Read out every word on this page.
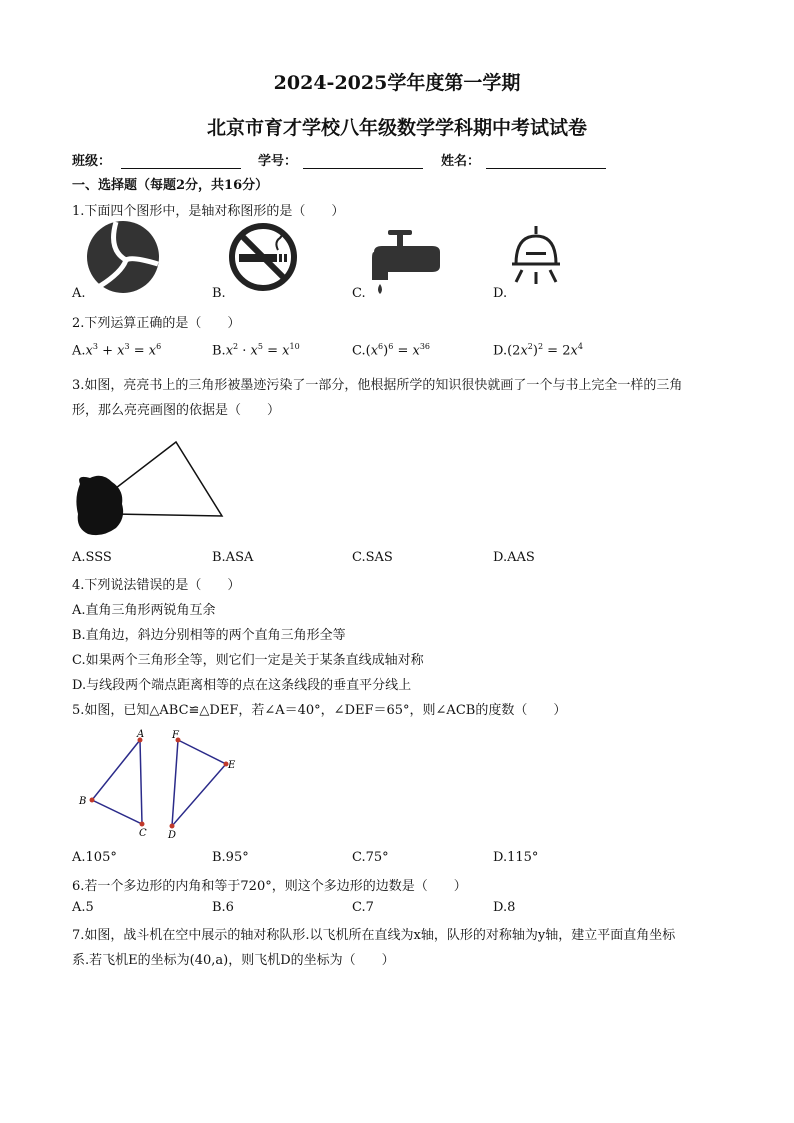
2024-2025学年度第一学期
北京市育才学校八年级数学学科期中考试试卷
班级：	学号：	姓名：
一、选择题（每题2分，共16分）
1.下面四个图形中，是轴对称图形的是（　　）
A.	B.	C.	D.
2.下列运算正确的是（　　）
$A.x^3 + x^3 = x^6$	$B.x^2 \cdot x^5 = x^{10}$	$C.(x^6)^6 = x^{36}$	$D.(2x^2)^2 = 2x^4$
3.如图，亮亮书上的三角形被墨迹污染了一部分，他根据所学的知识很快就画了一个与书上完全一样的三角
形，那么亮亮画图的依据是（　　）
A.SSS	B.ASA	C.SAS	D.AAS
4.下列说法错误的是（　　）
A.直角三角形两锐角互余
B.直角边，斜边分别相等的两个直角三角形全等
C.如果两个三角形全等，则它们一定是关于某条直线成轴对称
D.与线段两个端点距离相等的点在这条线段的垂直平分线上
5.如图，已知△ABC≌△DEF，若∠A＝40°，∠DEF＝65°，则∠ACB的度数（　　）
A
B
C
F
E
D
A.105°	B.95°	C.75°	D.115°
6.若一个多边形的内角和等于720°，则这个多边形的边数是（　　）
A.5	B.6	C.7	D.8
7.如图，战斗机在空中展示的轴对称队形.以飞机所在直线为x轴，队形的对称轴为y轴，建立平面直角坐标
系.若飞机E的坐标为(40,a)，则飞机D的坐标为（　　）
